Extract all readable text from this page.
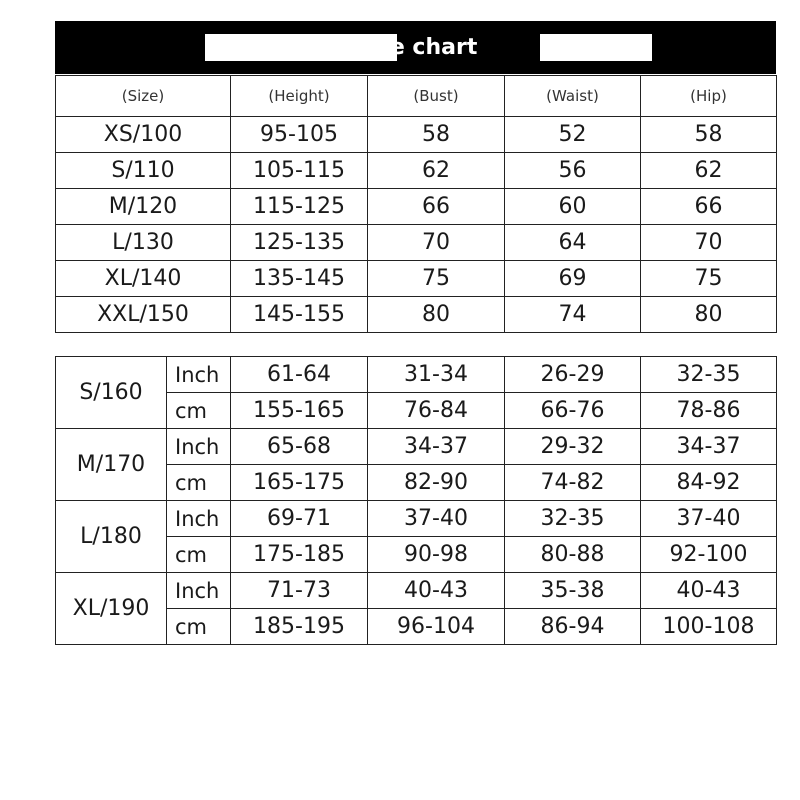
Size chart
(Size)	(Height)	(Bust)	(Waist)	(Hip)
XS/100	95-105	58	52	58
S/110	105-115	62	56	62
M/120	115-125	66	60	66
L/130	125-135	70	64	70
XL/140	135-145	75	69	75
XXL/150	145-155	80	74	80
S/160	Inch	61-64	31-34	26-29	32-35
	cm	155-165	76-84	66-76	78-86
M/170	Inch	65-68	34-37	29-32	34-37
	cm	165-175	82-90	74-82	84-92
L/180	Inch	69-71	37-40	32-35	37-40
	cm	175-185	90-98	80-88	92-100
XL/190	Inch	71-73	40-43	35-38	40-43
	cm	185-195	96-104	86-94	100-108
